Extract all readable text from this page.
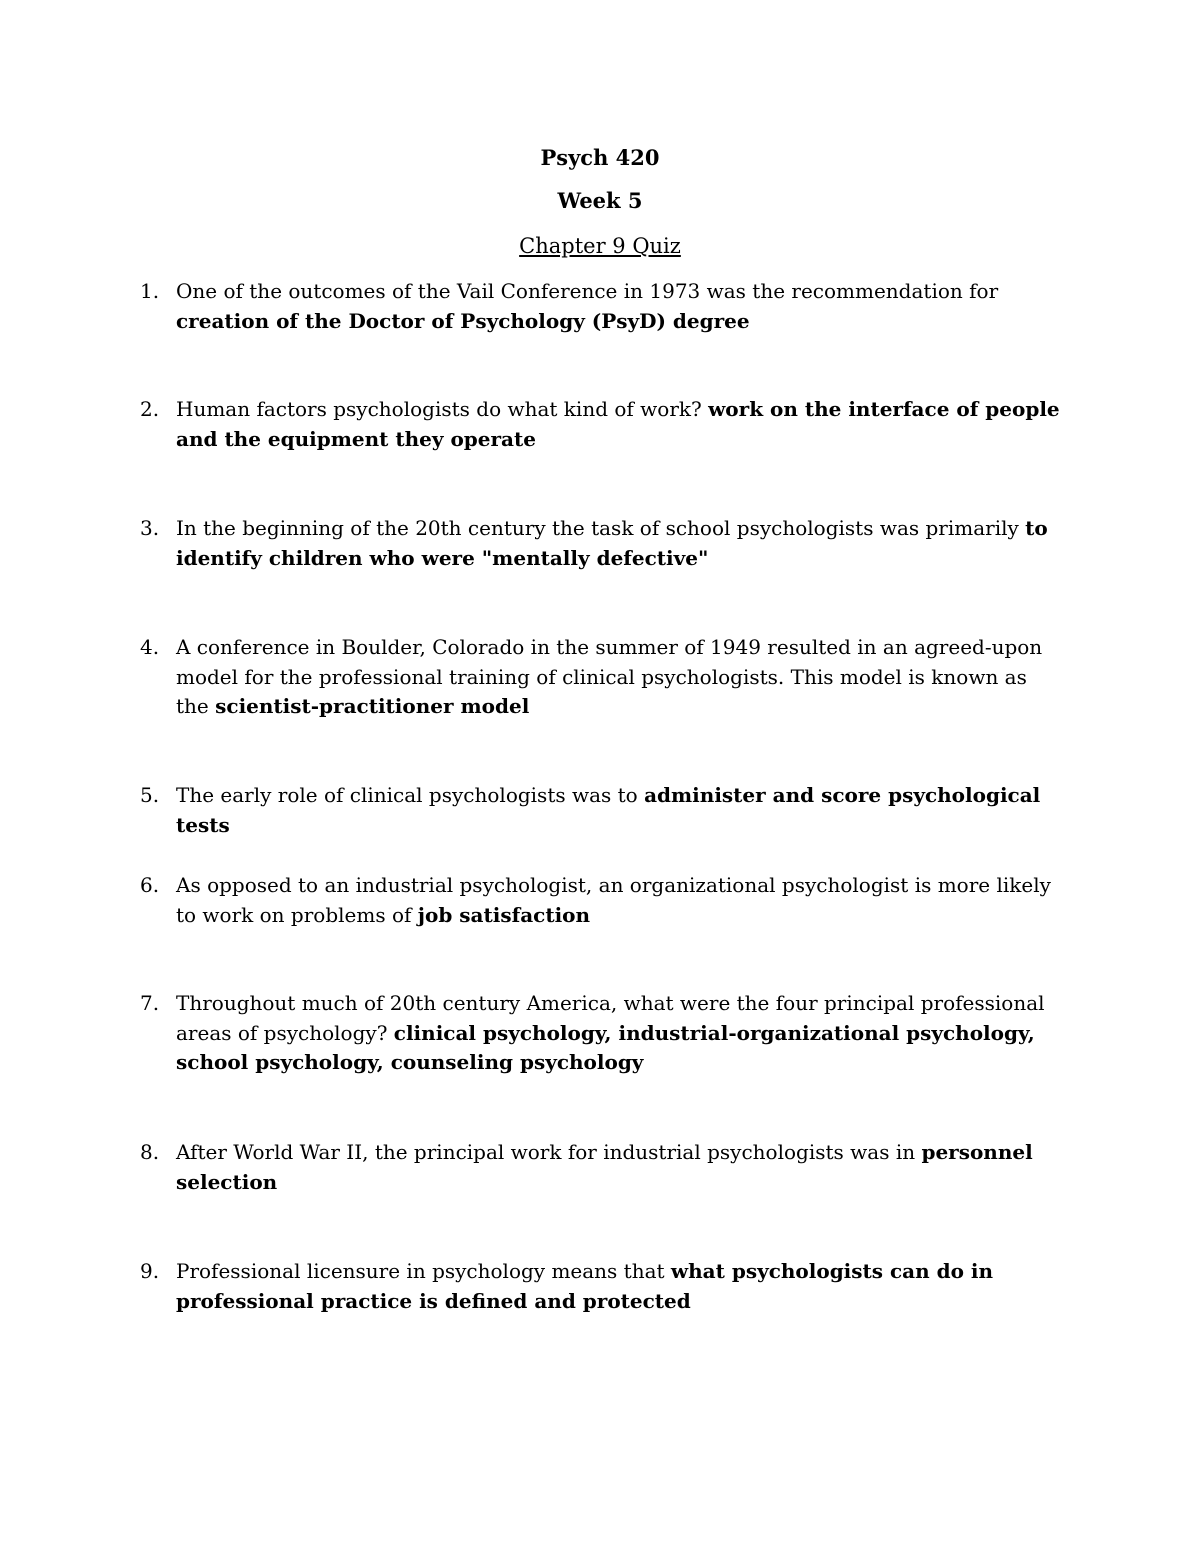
Psych 420
Week 5
Chapter 9 Quiz
1. One of the outcomes of the Vail Conference in 1973 was the recommendation for creation of the Doctor of Psychology (PsyD) degree
2. Human factors psychologists do what kind of work? work on the interface of people and the equipment they operate
3. In the beginning of the 20th century the task of school psychologists was primarily to identify children who were "mentally defective"
4. A conference in Boulder, Colorado in the summer of 1949 resulted in an agreed-upon model for the professional training of clinical psychologists. This model is known as the scientist-practitioner model
5. The early role of clinical psychologists was to administer and score psychological tests
6. As opposed to an industrial psychologist, an organizational psychologist is more likely to work on problems of job satisfaction
7. Throughout much of 20th century America, what were the four principal professional areas of psychology? clinical psychology, industrial-organizational psychology, school psychology, counseling psychology
8. After World War II, the principal work for industrial psychologists was in personnel selection
9. Professional licensure in psychology means that what psychologists can do in professional practice is defined and protected
